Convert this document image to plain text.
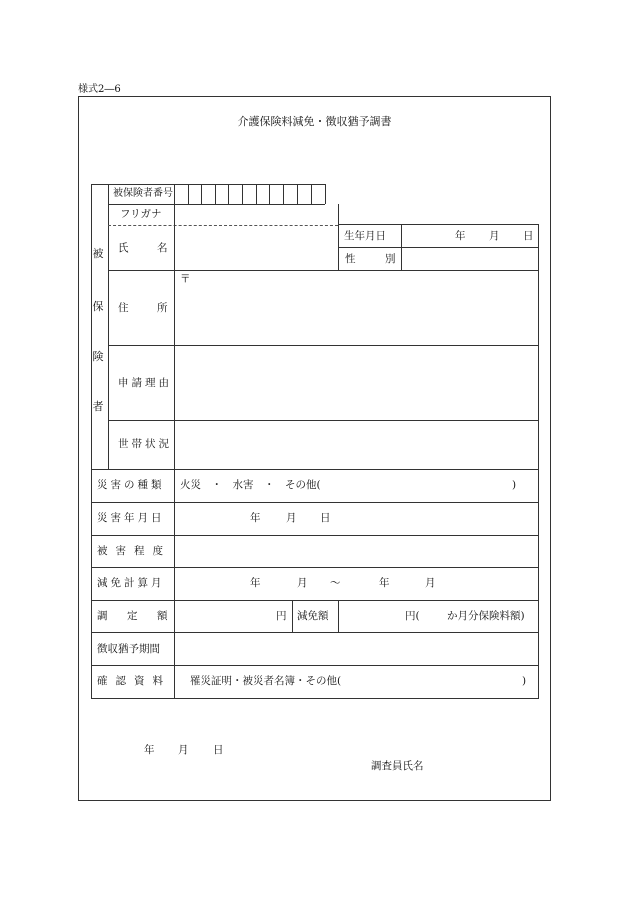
様式2―6
介護保険料減免・徴収猶予調書
被
保
険
者
被保険者番号
フリガナ
氏	名
生年月日	年 月 日
性	別
住	所
〒
申請理由
世帯状況
災害の種類 火災　・　水害　・　その他(	)
災害年月日	年 月 日
被害程度
減免計算月	年	月 ～	年	月
調 定 額	円 減免額	円(	か月分保険料額)
徴収猶予期間
確認資料 罹災証明・被災者名簿・その他(	)
年 月 日
調査員氏名
